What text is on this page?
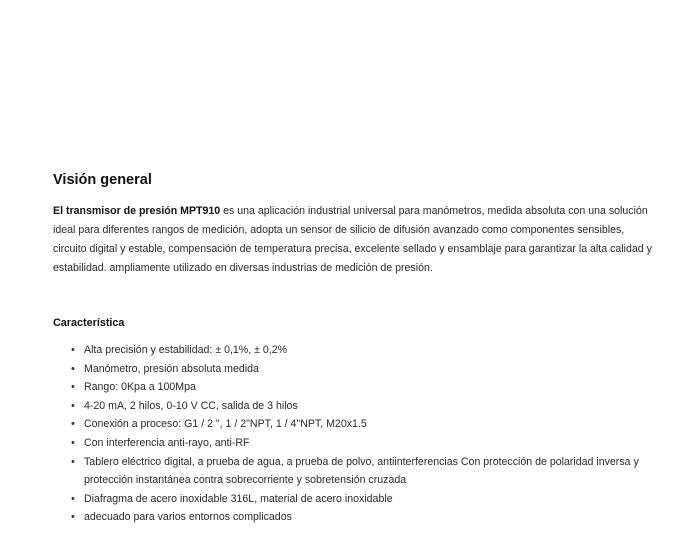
Visión general

El transmisor de presión MPT910 es una aplicación industrial universal para manómetros, medida absoluta con una solución ideal para diferentes rangos de medición, adopta un sensor de silicio de difusión avanzado como componentes sensibles, circuito digital y estable, compensación de temperatura precisa, excelente sellado y ensamblaje para garantizar la alta calidad y estabilidad. ampliamente utilizado en diversas industrias de medición de presión.

Característica
• Alta precisión y estabilidad: ± 0,1%, ± 0,2%
• Manómetro, presión absoluta medida
• Rango: 0Kpa a 100Mpa
• 4-20 mA, 2 hilos, 0-10 V CC, salida de 3 hilos
• Conexión a proceso: G1 / 2 ", 1 / 2"NPT, 1 / 4"NPT, M20x1.5
• Con interferencia anti-rayo, anti-RF
• Tablero eléctrico digital, a prueba de agua, a prueba de polvo, antiinterferencias Con protección de polaridad inversa y protección instantánea contra sobrecorriente y sobretensión cruzada
• Diafragma de acero inoxidable 316L, material de acero inoxidable
• adecuado para varios entornos complicados
